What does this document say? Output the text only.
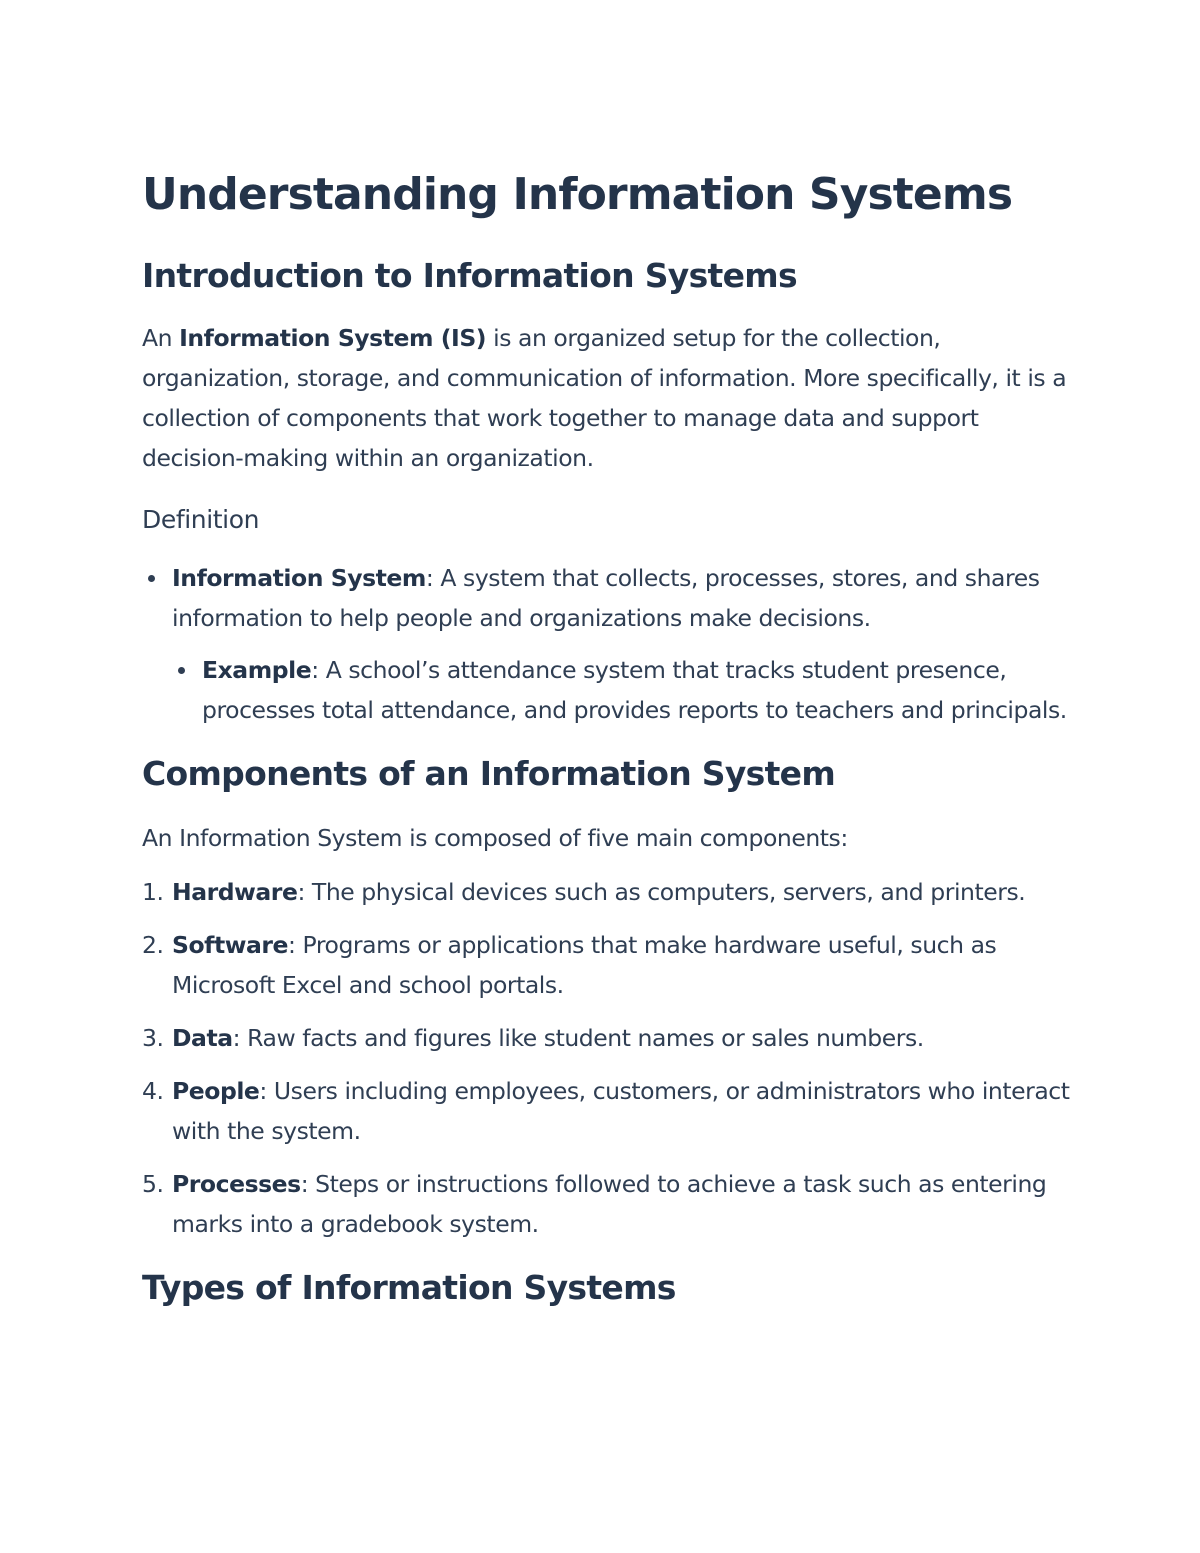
Understanding Information Systems
Introduction to Information Systems

An Information System (IS) is an organized setup for the collection, organization, storage, and communication of information. More specifically, it is a collection of components that work together to manage data and support decision-making within an organization.

Definition
Information System: A system that collects, processes, stores, and shares information to help people and organizations make decisions.
Example: A school’s attendance system that tracks student presence, processes total attendance, and provides reports to teachers and principals.
Components of an Information System

An Information System is composed of five main components:

1. Hardware: The physical devices such as computers, servers, and printers.
2. Software: Programs or applications that make hardware useful, such as Microsoft Excel and school portals.
3. Data: Raw facts and figures like student names or sales numbers.
4. People: Users including employees, customers, or administrators who interact with the system.
5. Processes: Steps or instructions followed to achieve a task such as entering marks into a gradebook system.
Types of Information Systems
